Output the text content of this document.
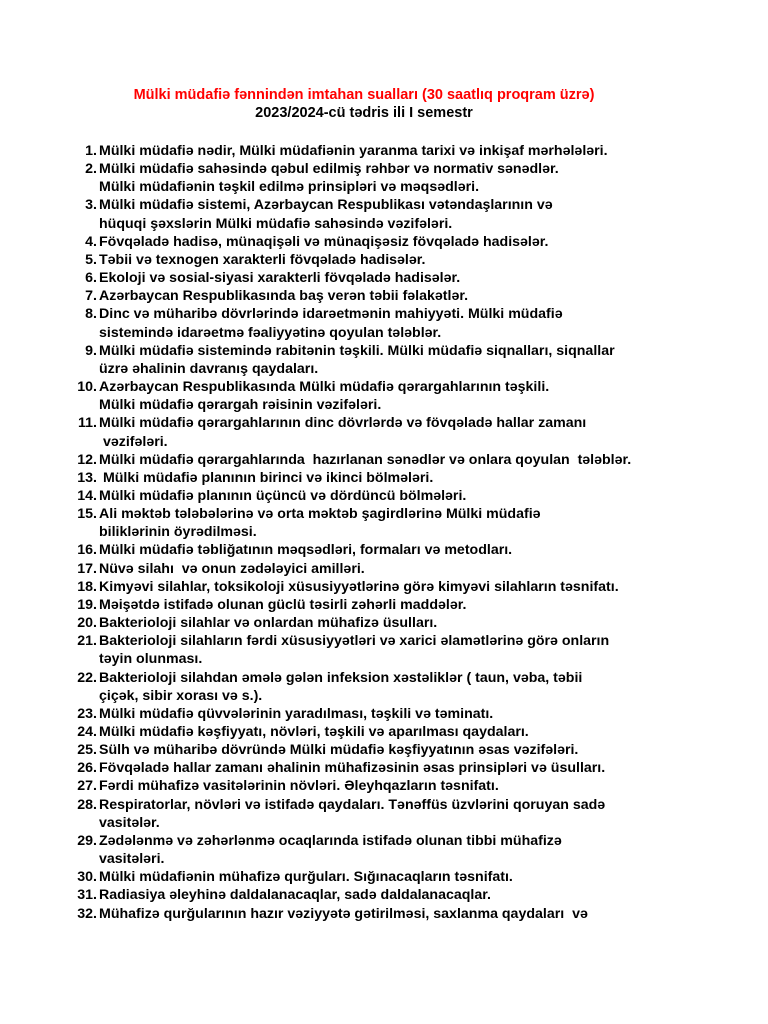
Mülki müdafiə fənnindən imtahan sualları (30 saatlıq proqram üzrə)
2023/2024-cü tədris ili I semestr
1. Mülki müdafiə nədir, Mülki müdafiənin yaranma tarixi və inkişaf mərhələləri.
2. Mülki müdafiə sahəsində qəbul edilmiş rəhbər və normativ sənədlər.
Mülki müdafiənin təşkil edilmə prinsipləri və məqsədləri.
3. Mülki müdafiə sistemi, Azərbaycan Respublikası vətəndaşlarının və
hüquqi şəxslərin Mülki müdafiə sahəsində vəzifələri.
4. Fövqəladə hadisə, münaqişəli və münaqişəsiz fövqəladə hadisələr.
5. Təbii və texnogen xarakterli fövqəladə hadisələr.
6. Ekoloji və sosial-siyasi xarakterli fövqəladə hadisələr.
7. Azərbaycan Respublikasında baş verən təbii fəlakətlər.
8. Dinc və müharibə dövrlərində idarəetmənin mahiyyəti. Mülki müdafiə
sistemində idarəetmə fəaliyyətinə qoyulan tələblər.
9. Mülki müdafiə sistemində rabitənin təşkili. Mülki müdafiə siqnalları, siqnallar
üzrə əhalinin davranış qaydaları.
10. Azərbaycan Respublikasında Mülki müdafiə qərargahlarının təşkili.
Mülki müdafiə qərargah rəisinin vəzifələri.
11. Mülki müdafiə qərargahlarının dinc dövrlərdə və fövqəladə hallar zamanı
vəzifələri.
12. Mülki müdafiə qərargahlarında  hazırlanan sənədlər və onlara qoyulan  tələblər.
13. Mülki müdafiə planının birinci və ikinci bölmələri.
14. Mülki müdafiə planının üçüncü və dördüncü bölmələri.
15. Ali məktəb tələbələrinə və orta məktəb şagirdlərinə Mülki müdafiə
biliklərinin öyrədilməsi.
16. Mülki müdafiə təbliğatının məqsədləri, formaları və metodları.
17. Nüvə silahı  və onun zədələyici amilləri.
18. Kimyəvi silahlar, toksikoloji xüsusiyyətlərinə görə kimyəvi silahların təsnifatı.
19. Məişətdə istifadə olunan güclü təsirli zəhərli maddələr.
20. Bakterioloji silahlar və onlardan mühafizə üsulları.
21. Bakterioloji silahların fərdi xüsusiyyətləri və xarici əlamətlərinə görə onların
təyin olunması.
22. Bakterioloji silahdan əmələ gələn infeksion xəstəliklər ( taun, vəba, təbii
çiçək, sibir xorası və s.).
23. Mülki müdafiə qüvvələrinin yaradılması, təşkili və təminatı.
24. Mülki müdafiə kəşfiyyatı, növləri, təşkili və aparılması qaydaları.
25. Sülh və müharibə dövründə Mülki müdafiə kəşfiyyatının əsas vəzifələri.
26. Fövqəladə hallar zamanı əhalinin mühafizəsinin əsas prinsipləri və üsulları.
27. Fərdi mühafizə vasitələrinin növləri. Əleyhqazların təsnifatı.
28. Respiratorlar, növləri və istifadə qaydaları. Tənəffüs üzvlərini qoruyan sadə
vasitələr.
29. Zədələnmə və zəhərlənmə ocaqlarında istifadə olunan tibbi mühafizə
vasitələri.
30. Mülki müdafiənin mühafizə qurğuları. Sığınacaqların təsnifatı.
31. Radiasiya əleyhinə daldalanacaqlar, sadə daldalanacaqlar.
32. Mühafizə qurğularının hazır vəziyyətə gətirilməsi, saxlanma qaydaları  və
